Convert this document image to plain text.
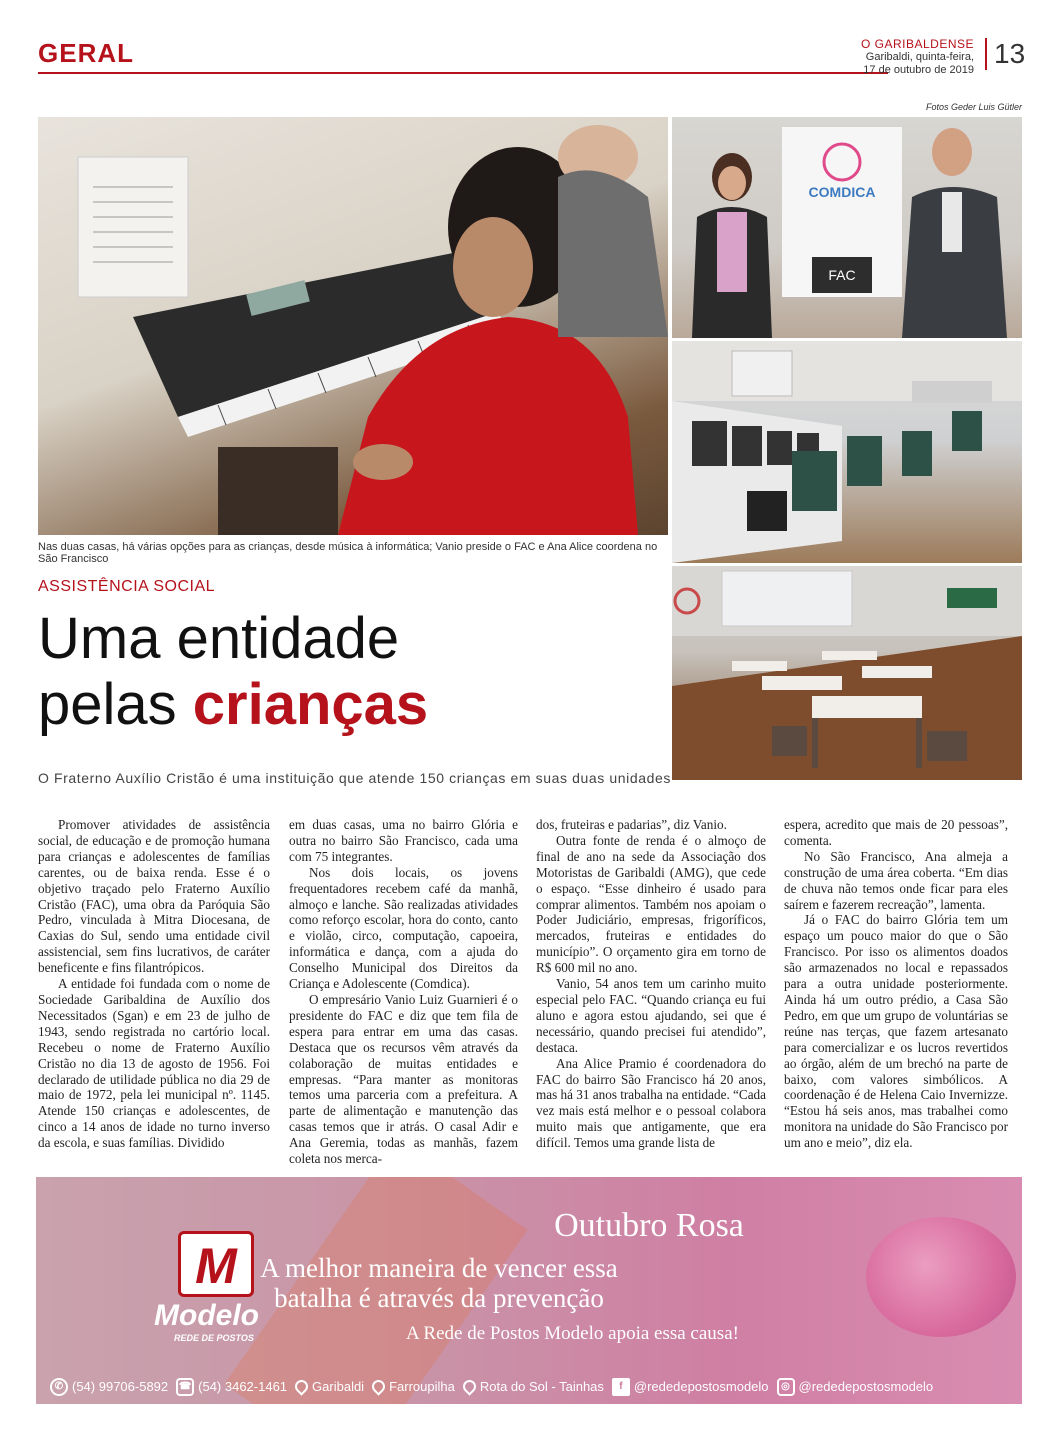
GERAL	O GARIBALDENSE
Garibaldi, quinta-feira,
17 de outubro de 2019
13
Fotos Geder Luis Gütler
COMDICA
FAC
Nas duas casas, há várias opções para as crianças, desde música à informática; Vanio preside o FAC e Ana Alice coordena no São Francisco
ASSISTÊNCIA SOCIAL
Uma entidade
pelas crianças
O Fraterno Auxílio Cristão é uma instituição que atende 150 crianças em suas duas unidades

Promover atividades de assistência social, de educação e de promoção humana para crianças e adolescentes de famílias carentes, ou de baixa renda. Esse é o objetivo traçado pelo Fraterno Auxílio Cristão (FAC), uma obra da Paróquia São Pedro, vinculada à Mitra Diocesana, de Caxias do Sul, sendo uma entidade civil assistencial, sem fins lucrativos, de caráter beneficente e fins filantrópicos.

A entidade foi fundada com o nome de Sociedade Garibaldina de Auxílio dos Necessitados (Sgan) e em 23 de julho de 1943, sendo registrada no cartório local. Recebeu o nome de Fraterno Auxílio Cristão no dia 13 de agosto de 1956. Foi declarado de utilidade pública no dia 29 de maio de 1972, pela lei municipal nº. 1145. Atende 150 crianças e adolescentes, de cinco a 14 anos de idade no turno inverso da escola, e suas famílias. Dividido

em duas casas, uma no bairro Glória e outra no bairro São Francisco, cada uma com 75 integrantes.

Nos dois locais, os jovens frequentadores recebem café da manhã, almoço e lanche. São realizadas atividades como reforço escolar, hora do conto, canto e violão, circo, computação, capoeira, informática e dança, com a ajuda do Conselho Municipal dos Direitos da Criança e Adolescente (Comdica).

O empresário Vanio Luiz Guarnieri é o presidente do FAC e diz que tem fila de espera para entrar em uma das casas. Destaca que os recursos vêm através da colaboração de muitas entidades e empresas. “Para manter as monitoras temos uma parceria com a prefeitura. A parte de alimentação e manutenção das casas temos que ir atrás. O casal Adir e Ana Geremia, todas as manhãs, fazem coleta nos merca-

dos, fruteiras e padarias”, diz Vanio.

Outra fonte de renda é o almoço de final de ano na sede da Associação dos Motoristas de Garibaldi (AMG), que cede o espaço. “Esse dinheiro é usado para comprar alimentos. Também nos apoiam o Poder Judiciário, empresas, frigoríficos, mercados, fruteiras e entidades do município”. O orçamento gira em torno de R$ 600 mil no ano.

Vanio, 54 anos tem um carinho muito especial pelo FAC. “Quando criança eu fui aluno e agora estou ajudando, sei que é necessário, quando precisei fui atendido”, destaca.

Ana Alice Pramio é coordenadora do FAC do bairro São Francisco há 20 anos, mas há 31 anos trabalha na entidade. “Cada vez mais está melhor e o pessoal colabora muito mais que antigamente, que era difícil. Temos uma grande lista de

espera, acredito que mais de 20 pessoas”, comenta.

No São Francisco, Ana almeja a construção de uma área coberta. “Em dias de chuva não temos onde ficar para eles saírem e fazerem recreação”, lamenta.

Já o FAC do bairro Glória tem um espaço um pouco maior do que o São Francisco. Por isso os alimentos doados são armazenados no local e repassados para a outra unidade posteriormente. Ainda há um outro prédio, a Casa São Pedro, em que um grupo de voluntárias se reúne nas terças, que fazem artesanato para comercializar e os lucros revertidos ao órgão, além de um brechó na parte de baixo, com valores simbólicos. A coordenação é de Helena Caio Invernizze. “Estou há seis anos, mas trabalhei como monitora na unidade do São Francisco por um ano e meio”, diz ela.

M
Modelo
REDE DE POSTOS
Outubro Rosa
A melhor maneira de vencer essa
batalha é através da prevenção
A Rede de Postos Modelo apoia essa causa!
✆ (54) 99706-5892 ☎ (54) 3462-1461 Garibaldi Farroupilha Rota do Sol - Tainhas	f @rededepostosmodelo	◎ @rededepostosmodelo
